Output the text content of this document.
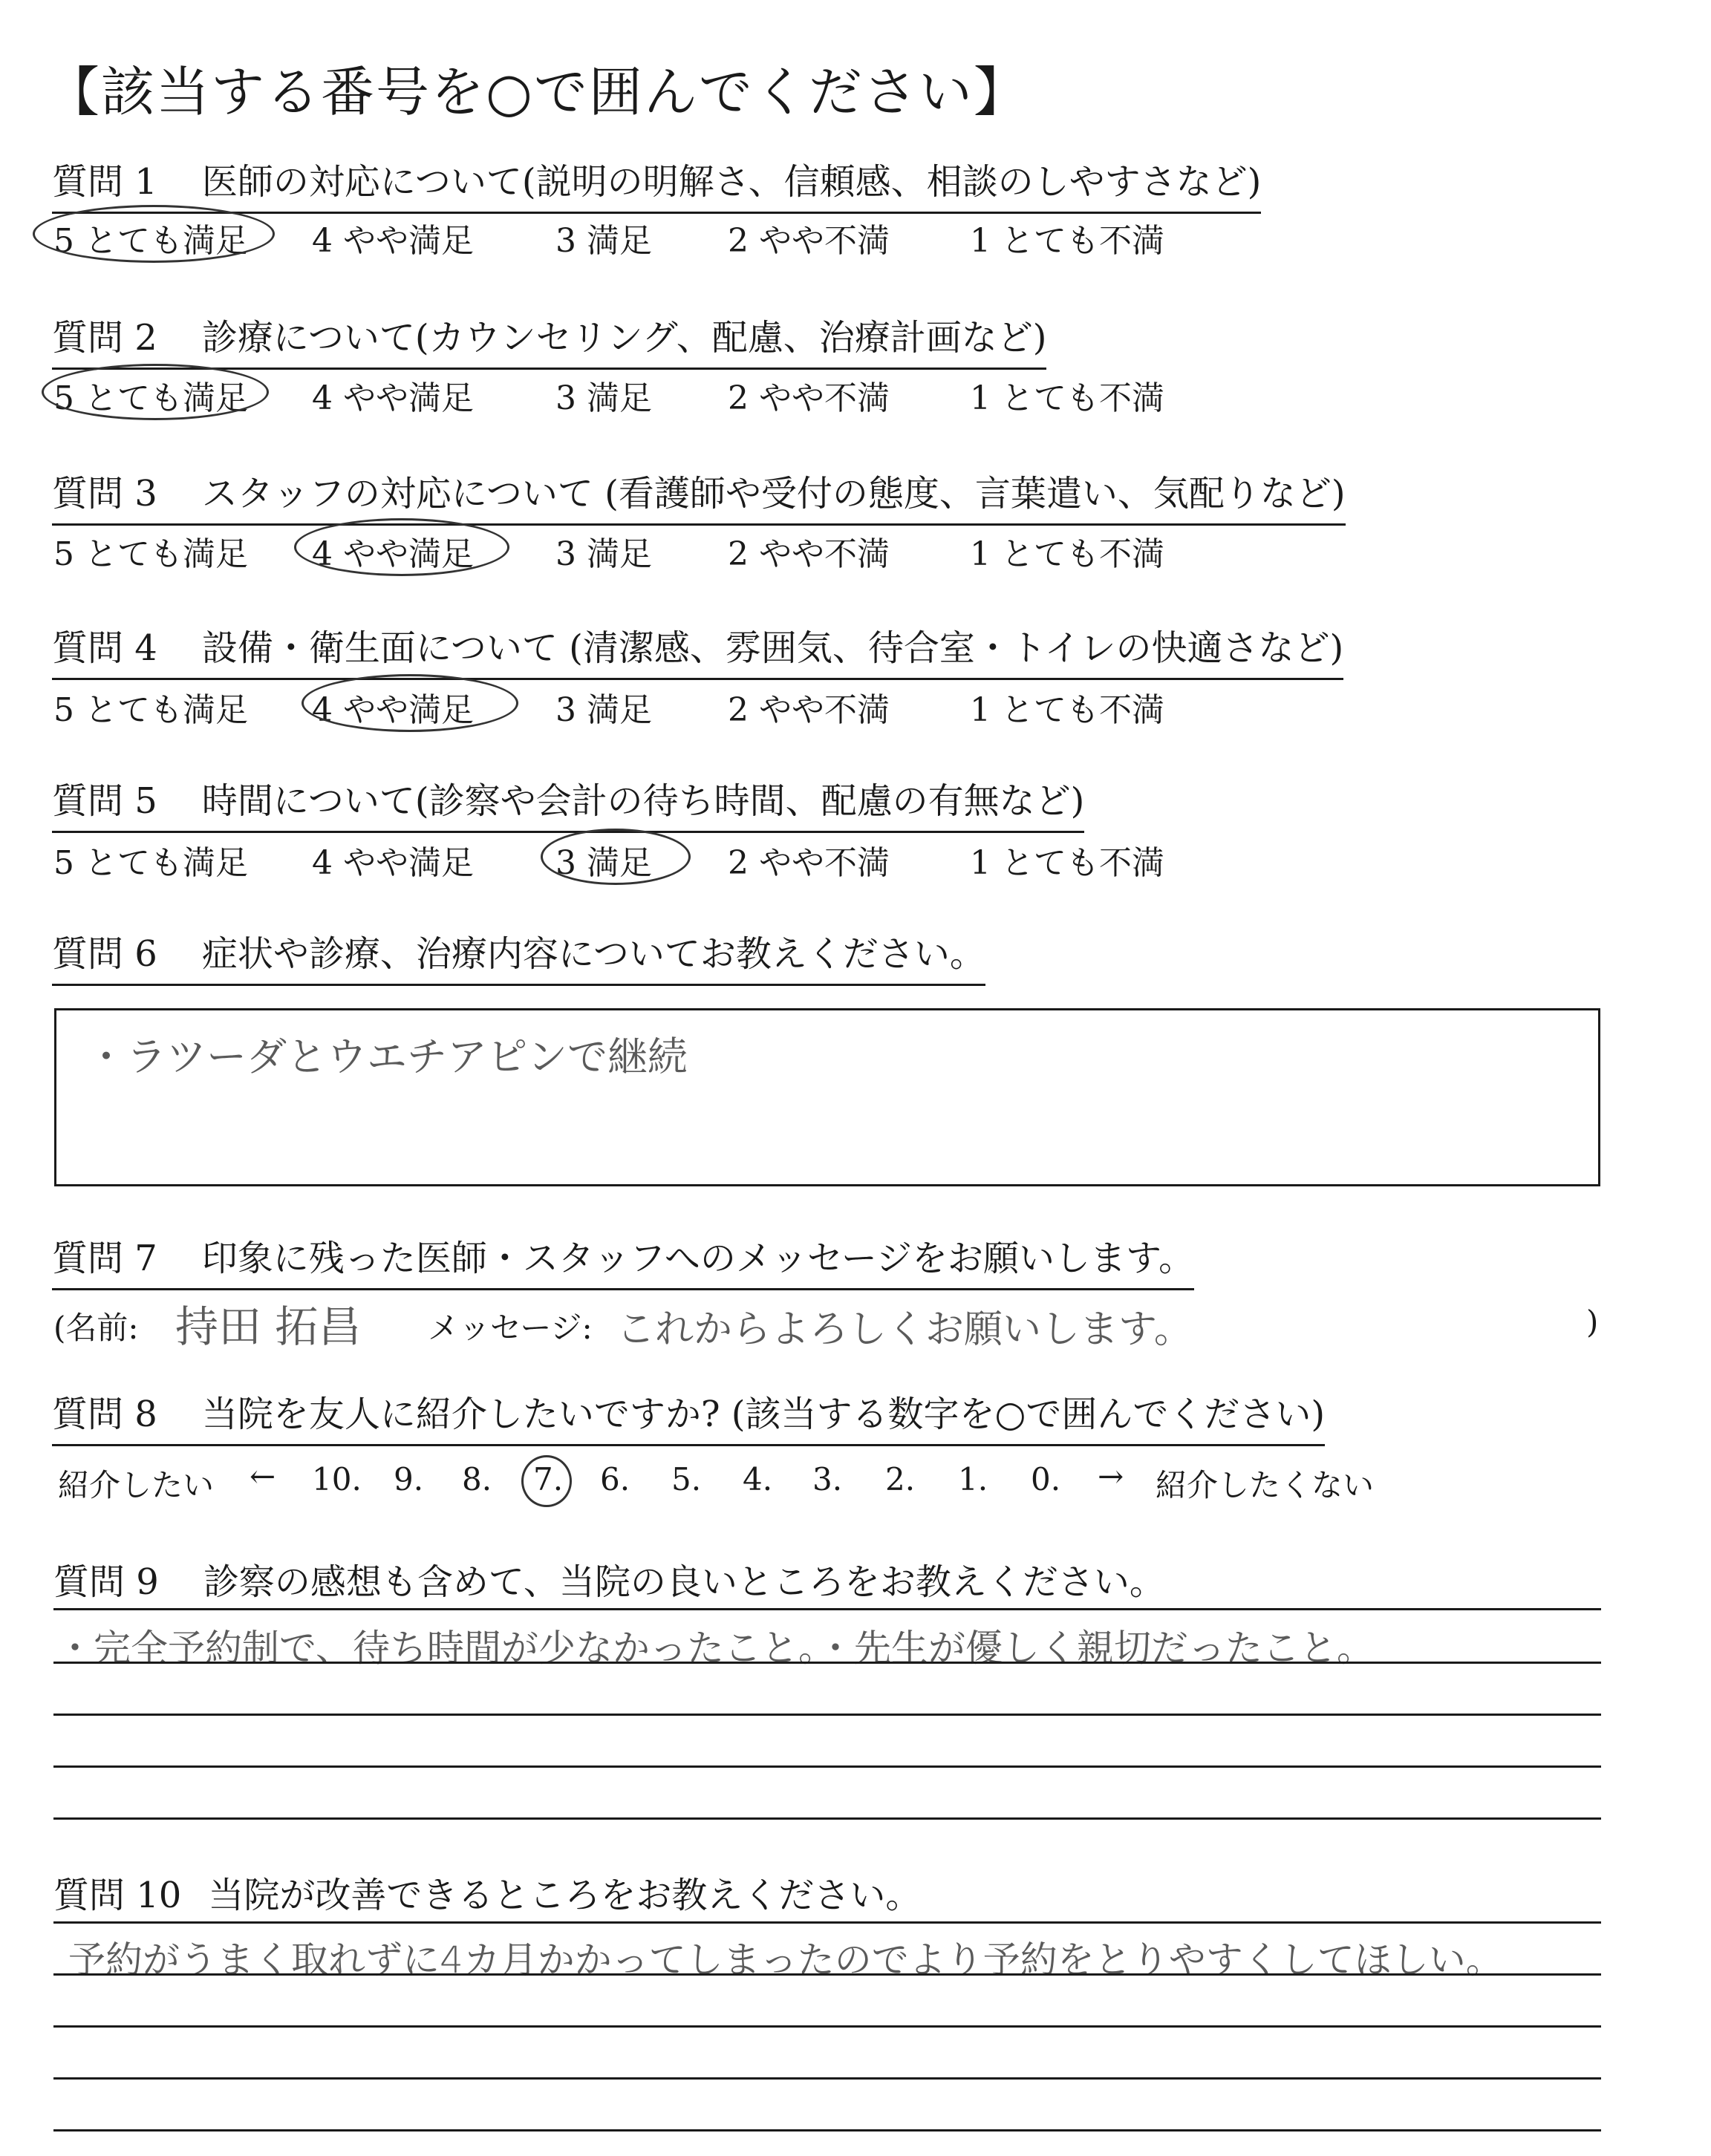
【該当する番号を○で囲んでください】
質問 1 医師の対応について(説明の明解さ、信頼感、相談のしやすさなど)
5 とても満足 4 やや満足	3 満足 2 やや不満 1 とても不満
質問 2 診療について(カウンセリング、配慮、治療計画など)
5 とても満足 4 やや満足	3 満足 2 やや不満 1 とても不満
質問 3 スタッフの対応について (看護師や受付の態度、言葉遣い、気配りなど)
5 とても満足 4 やや満足	3 満足 2 やや不満 1 とても不満
質問 4 設備・衛生面について (清潔感、雰囲気、待合室・トイレの快適さなど)
5 とても満足 4 やや満足	3 満足 2 やや不満 1 とても不満
質問 5 時間について(診察や会計の待ち時間、配慮の有無など)
5 とても満足 4 やや満足	3 満足 2 やや不満 1 とても不満
質問 6 症状や診療、治療内容についてお教えください。
・ラツーダとウエチアピンで継続
質問 7 印象に残った医師・スタッフへのメッセージをお願いします。
(名前: 持田 拓昌 メッセージ: これからよろしくお願いします。	)
質問 8 当院を友人に紹介したいですか? (該当する数字を○で囲んでください)
紹介したい ← 10. 9. 8. 7. 6. 5. 4. 3. 2. 1. 0. → 紹介したくない
質問 9 診察の感想も含めて、当院の良いところをお教えください。
・完全予約制で、待ち時間が少なかったこと。・先生が優しく親切だったこと。
質問 10 当院が改善できるところをお教えください。
予約がうまく取れずに4カ月かかってしまったのでより予約をとりやすくしてほしい。
